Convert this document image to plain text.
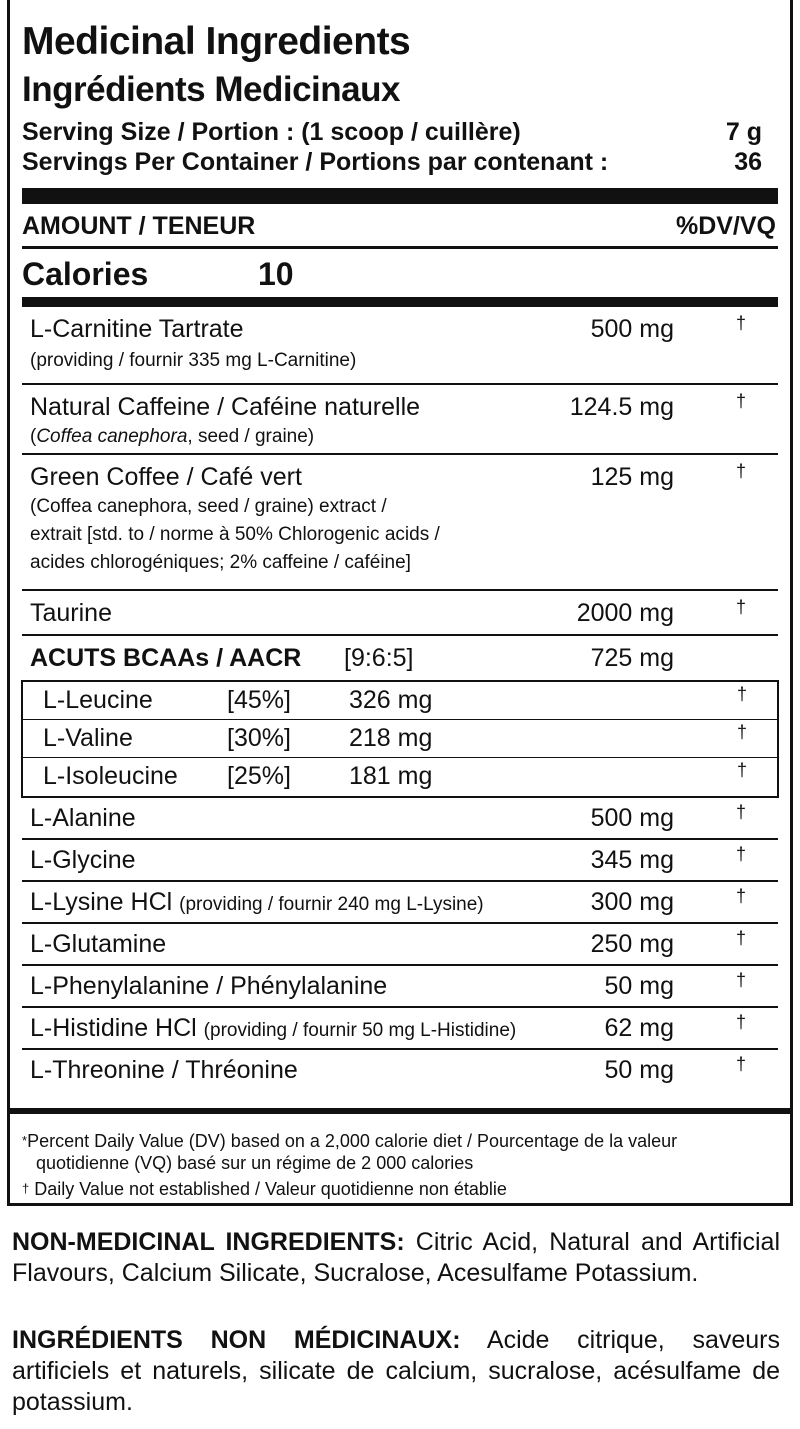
Medicinal Ingredients
Ingrédients Medicinaux
Serving Size / Portion : (1 scoop / cuillère)	7 g
Servings Per Container / Portions par contenant :	36
AMOUNT / TENEUR	%DV/VQ
Calories	10
L-Carnitine Tartrate	500 mg	†
(providing / fournir 335 mg L-Carnitine)
Natural Caffeine / Caféine naturelle	124.5 mg	†
(Coffea canephora, seed / graine)
Green Coffee / Café vert	125 mg	†
(Coffea canephora, seed / graine) extract /
extrait [std. to / norme à 50% Chlorogenic acids /
acides chlorogéniques; 2% caffeine / caféine]
Taurine	2000 mg	†
ACUTS BCAAs / AACR [9:6:5]	725 mg
L-Leucine	[45%] 326 mg	†
L-Valine	[30%] 218 mg	†
L-Isoleucine [25%] 181 mg	†
L-Alanine	500 mg	†
L-Glycine	345 mg	†
L-Lysine HCl (providing / fournir 240 mg L-Lysine)	300 mg	†
L-Glutamine	250 mg	†
L-Phenylalanine / Phénylalanine	50 mg	†
L-Histidine HCl (providing / fournir 50 mg L-Histidine)	62 mg	†
L-Threonine / Thréonine	50 mg	†
*Percent Daily Value (DV) based on a 2,000 calorie diet / Pourcentage de la valeur
quotidienne (VQ) basé sur un régime de 2 000 calories
† Daily Value not established / Valeur quotidienne non établie
NON-MEDICINAL INGREDIENTS: Citric Acid, Natural and Artificial Flavours, Calcium Silicate, Sucralose, Acesulfame Potassium.
INGRÉDIENTS NON MÉDICINAUX: Acide citrique, saveurs artificiels et naturels, silicate de calcium, sucralose, acésulfame de potassium.
